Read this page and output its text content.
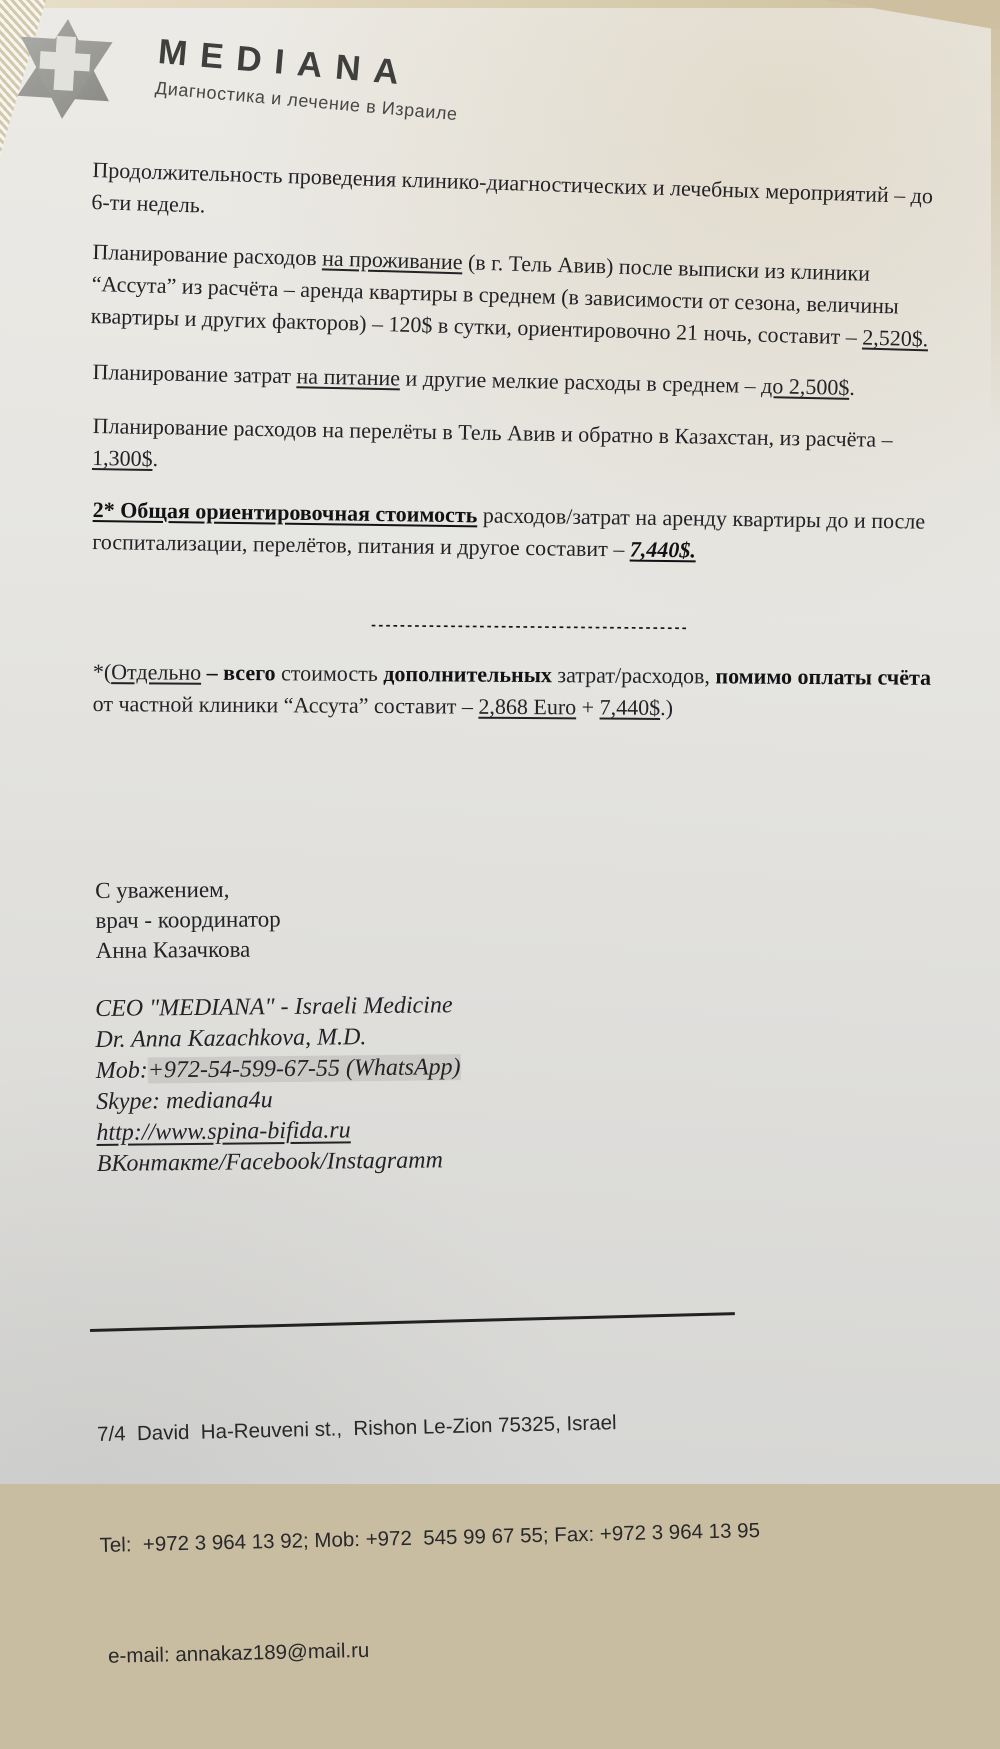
MEDIANA
Диагностика и лечение в Израиле
Продолжительность проведения клинико-диагностических и лечебных мероприятий – до 6-ти недель.
Планирование расходов на проживание (в г. Тель Авив) после выписки из клиники “Ассута” из расчёта – аренда квартиры в среднем (в зависимости от сезона, величины квартиры и других факторов) – 120$ в сутки, ориентировочно 21 ночь, составит – 2,520$.
Планирование затрат на питание и другие мелкие расходы в среднем – до 2,500$.
Планирование расходов на перелёты в Тель Авив и обратно в Казахстан, из расчёта – 1,300$.
2* Общая ориентировочная стоимость расходов/затрат на аренду квартиры до и после госпитализации, перелётов, питания и другое составит – 7,440$.
--------------------------------------------
*(Отдельно – всего стоимость дополнительных затрат/расходов, помимо оплаты счёта от частной клиники “Ассута” составит – 2,868 Euro + 7,440$.)
С уважением,
врач - координатор
Анна Казачкова
CEO "MEDIANA" - Israeli Medicine
Dr. Anna Kazachkova, M.D.
Mob:+972-54-599-67-55 (WhatsApp)
Skype: mediana4u
http://www.spina-bifida.ru
ВКонтакте/Facebook/Instagramm

7/4  David  Ha-Reuveni st.,  Rishon Le-Zion 75325, Israel

Tel:  +972 3 964 13 92; Mob: +972  545 99 67 55; Fax: +972 3 964 13 95

e-mail: annakaz189@mail.ru
